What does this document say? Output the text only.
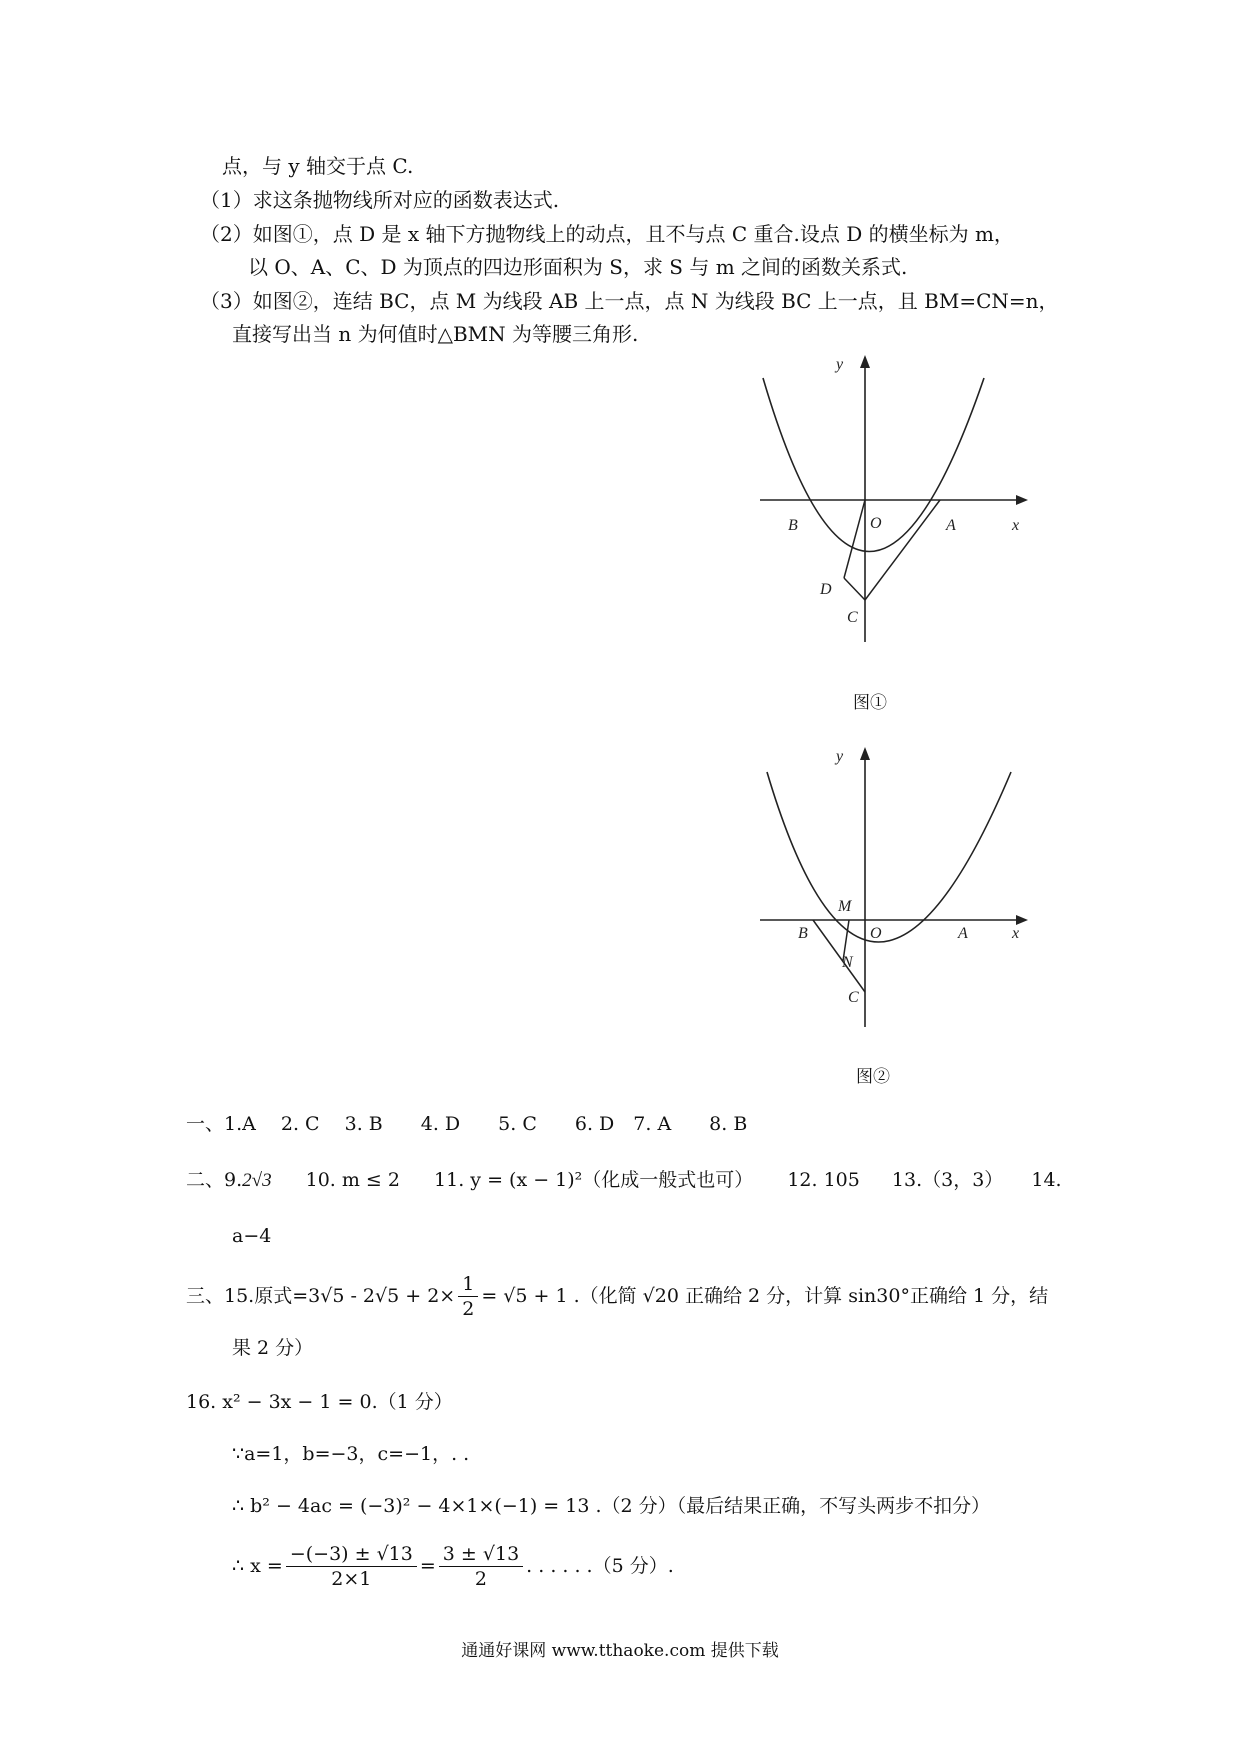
点，与 y 轴交于点 C.
（1）求这条抛物线所对应的函数表达式.
（2）如图①，点 D 是 x 轴下方抛物线上的动点，且不与点 C 重合.设点 D 的横坐标为 m，
以 O、A、C、D 为顶点的四边形面积为 S，求 S 与 m 之间的函数关系式.
（3）如图②，连结 BC，点 M 为线段 AB 上一点，点 N 为线段 BC 上一点，且 BM=CN=n，
直接写出当 n 为何值时△BMN 为等腰三角形.
y
x
O	A
B
C
D
图①
y
x
O	A
B
C
M
N
图②
一、1.A　 2. C　 3. B　　4. D　　5. C　　6. D　7. A　　8. B
二、9.2√3 10. m ≤ 2 11. y = (x − 1)²（化成一般式也可） 12. 105 13.（3，3） 14.
a−4
三、15.原式$=3√5 - 2√5 + 2\times \frac{1}{2} = √5 + 1$ .（化简 √20 正确给 2 分，计算 sin30°正确给 1 分，结
果 2 分）
16. x² − 3x − 1 = 0.（1 分）
∵a=1，b=−3，c=−1，. .
∴ b² − 4ac = (−3)² − 4×1×(−1) = 13 .（2 分）（最后结果正确，不写头两步不扣分）
∴ $x = \frac{-(-3) \pm √13}{2\times 1} = \frac{3 \pm √13}{2}$ . . . . . .（5 分）.
通通好课网 www.tthaoke.com 提供下载
